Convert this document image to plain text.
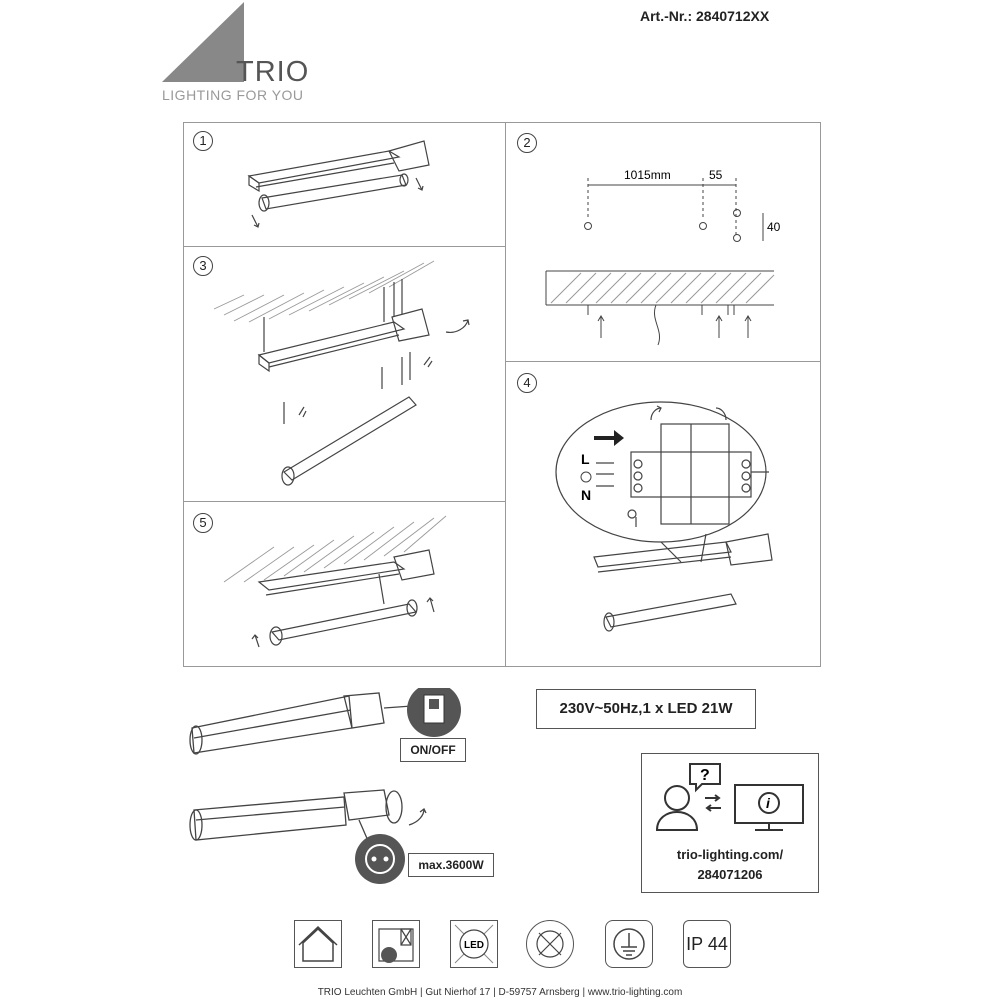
Art.-Nr.: 2840712XX
TRIO
LIGHTING FOR YOU
1	2
1015mm	55
40
3
4
L
N
5
ON/OFF
230V~50Hz,1 x LED 21W
max.3600W
?
i
trio-lighting.com/
284071206
LED	IP 44
TRIO Leuchten GmbH | Gut Nierhof 17 | D-59757 Arnsberg | www.trio-lighting.com
